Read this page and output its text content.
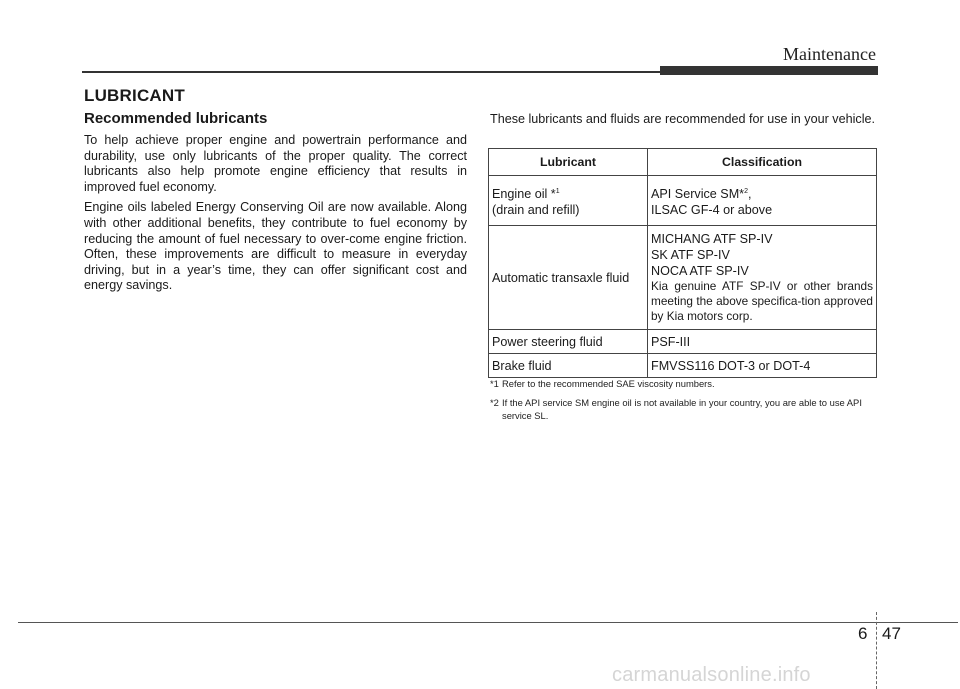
Maintenance
LUBRICANT
Recommended lubricants

To help achieve proper engine and powertrain performance and durability, use only lubricants of the proper quality. The correct lubricants also help promote engine efficiency that results in improved fuel economy.

Engine oils labeled Energy Conserving Oil are now available. Along with other additional benefits, they contribute to fuel economy by reducing the amount of fuel necessary to over-come engine friction. Often, these improvements are difficult to measure in everyday driving, but in a year’s time, they can offer significant cost and energy savings.

These lubricants and fluids are recommended for use in your vehicle.

Lubricant	Classification

Engine oil *$^1$
(drain and refill)	API Service SM*$^2$,
ILSAC GF-4 or above

Automatic transaxle fluid	MICHANG ATF SP-IV
SK ATF SP-IV
NOCA ATF SP-IV
Kia genuine ATF SP-IV or other brands meeting the above specifica-tion approved by Kia motors corp.

Power steering fluid	PSF-III
Brake fluid	FMVSS116 DOT-3 or DOT-4
*1 Refer to the recommended SAE viscosity numbers.
*2 If the API service SM engine oil is not available in your country, you are able to use API service SL.
6 47
carmanualsonline.info
